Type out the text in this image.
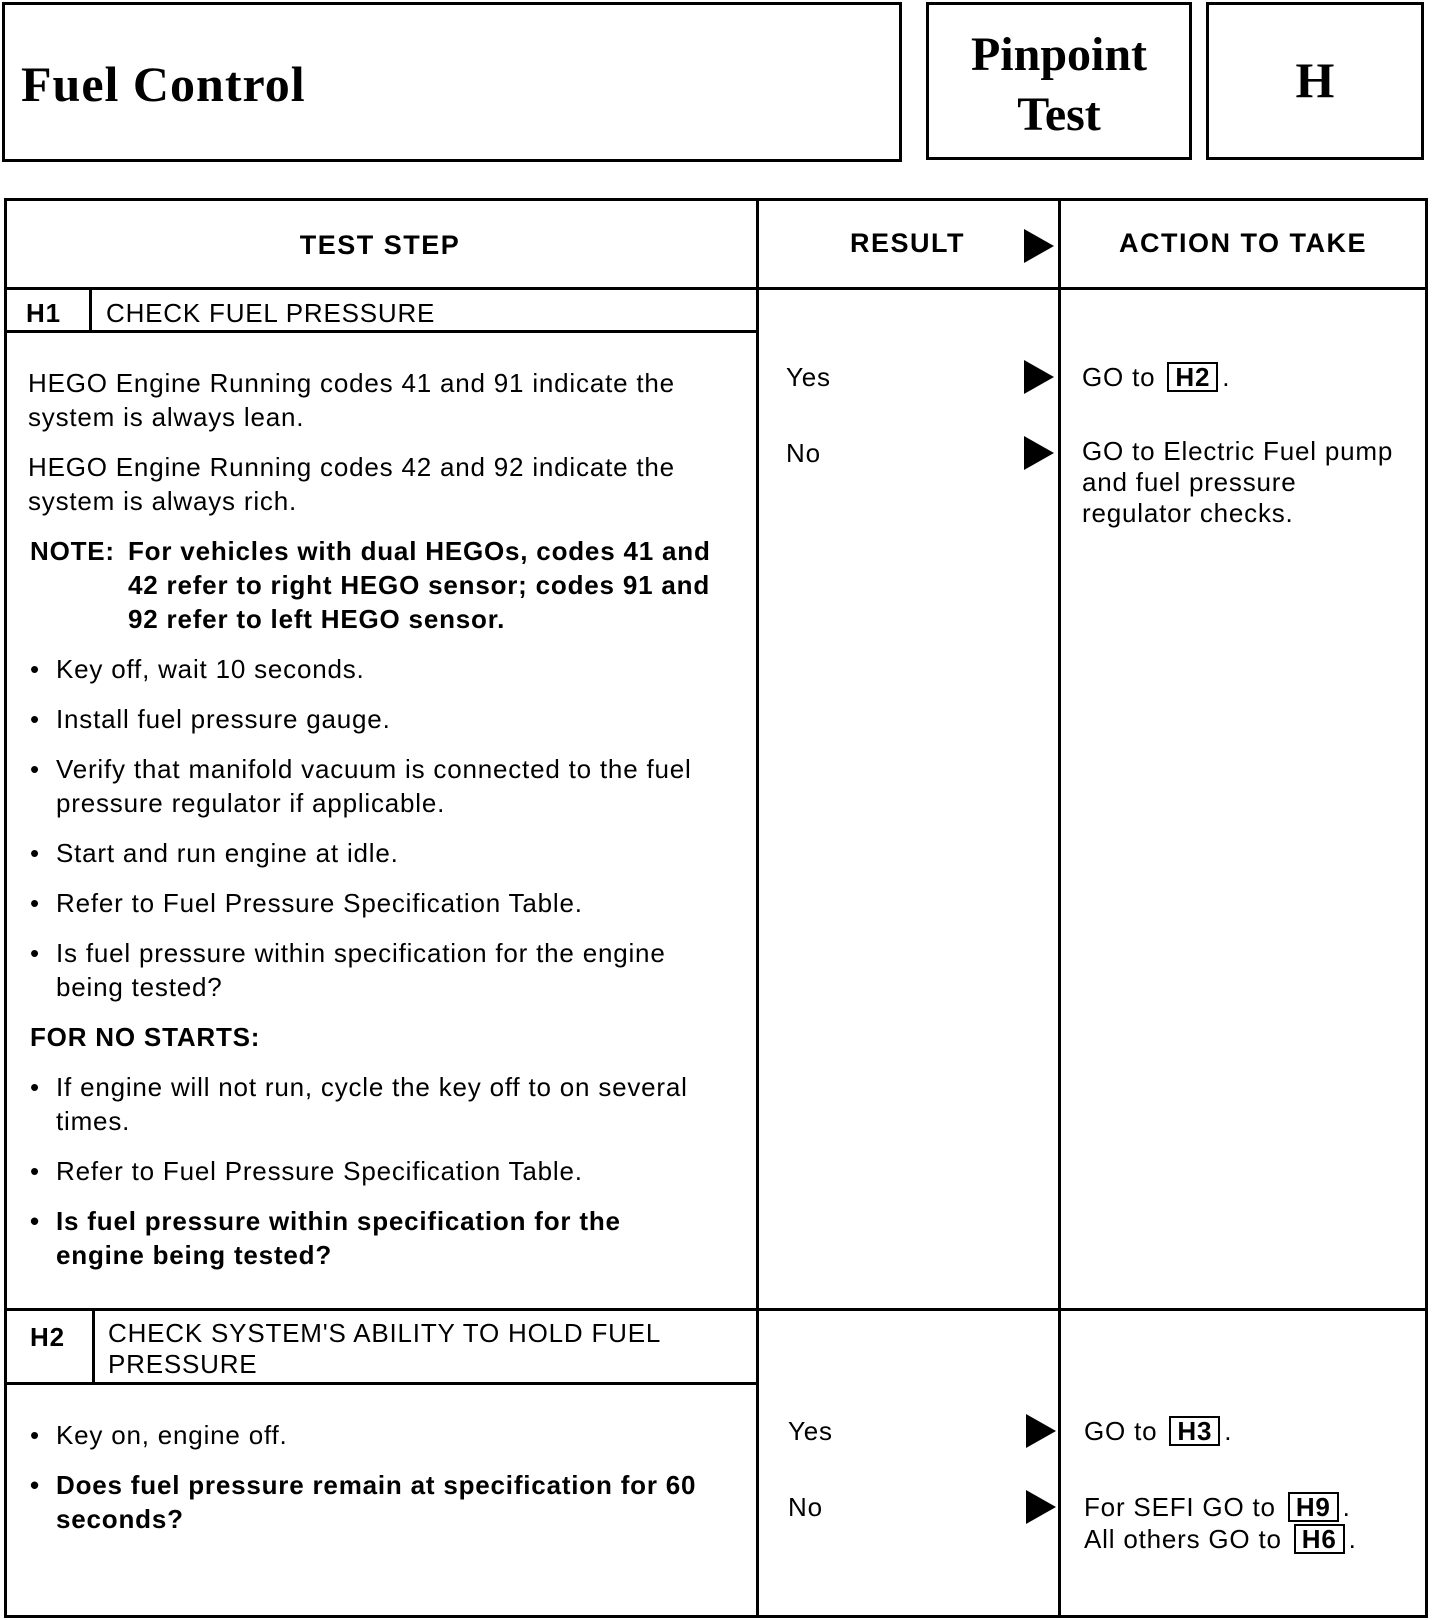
Fuel Control
Pinpoint
Test
H
TEST STEP	RESULT	ACTION TO TAKE
H1 CHECK FUEL PRESSURE
HEGO Engine Running codes 41 and 91 indicate the system is always lean.
HEGO Engine Running codes 42 and 92 indicate the system is always rich.
NOTE: For vehicles with dual HEGOs, codes 41 and 42 refer to right HEGO sensor; codes 91 and 92 refer to left HEGO sensor.
• Key off, wait 10 seconds.
• Install fuel pressure gauge.
• Verify that manifold vacuum is connected to the fuel pressure regulator if applicable.
• Start and run engine at idle.
• Refer to Fuel Pressure Specification Table.
• Is fuel pressure within specification for the engine being tested?
FOR NO STARTS:
• If engine will not run, cycle the key off to on several times.
• Refer to Fuel Pressure Specification Table.
• Is fuel pressure within specification for the engine being tested?
Yes	GO to H2 .
No	GO to Electric Fuel pump and fuel pressure regulator checks.
H2 CHECK SYSTEM'S ABILITY TO HOLD FUEL PRESSURE
• Key on, engine off.
• Does fuel pressure remain at specification for 60 seconds?
Yes	GO to H3 .
No	For SEFI GO to H9 .
All others GO to H6 .
